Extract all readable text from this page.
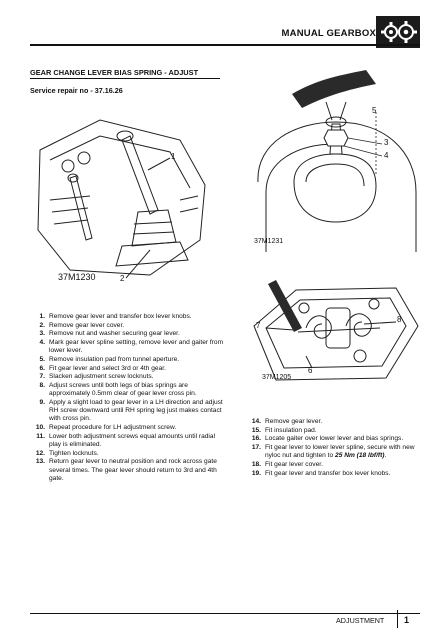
MANUAL GEARBOX
GEAR CHANGE LEVER BIAS SPRING - ADJUST
Service repair no - 37.16.26
1
2
37M1230
5
3
4
37M1231
7
8
6
37M1205
1. Remove gear lever and transfer box lever knobs.
2. Remove gear lever cover.
3. Remove nut and washer securing gear lever.
4. Mark gear lever spline setting, remove lever and gaiter from lower lever.
5. Remove insulation pad from tunnel aperture.
6. Fit gear lever and select 3rd or 4th gear.
7. Slacken adjustment screw locknuts.
8. Adjust screws until both legs of bias springs are approximately 0.5mm clear of gear lever cross pin.
9. Apply a slight load to gear lever in a LH direction and adjust RH screw downward until RH spring leg just makes contact with cross pin.
10. Repeat procedure for LH adjustment screw.
11. Lower both adjustment screws equal amounts until radial play is eliminated.
12. Tighten locknuts.
13. Return gear lever to neutral position and rock across gate several times. The gear lever should return to 3rd and 4th gate.
14. Remove gear lever.
15. Fit insulation pad.
16. Locate gaiter over lower lever and bias springs.
17. Fit gear lever to lower lever spline, secure with new nyloc nut and tighten to 25 Nm (18 lbf/ft).
18. Fit gear lever cover.
19. Fit gear lever and transfer box lever knobs.
ADJUSTMENT 1
